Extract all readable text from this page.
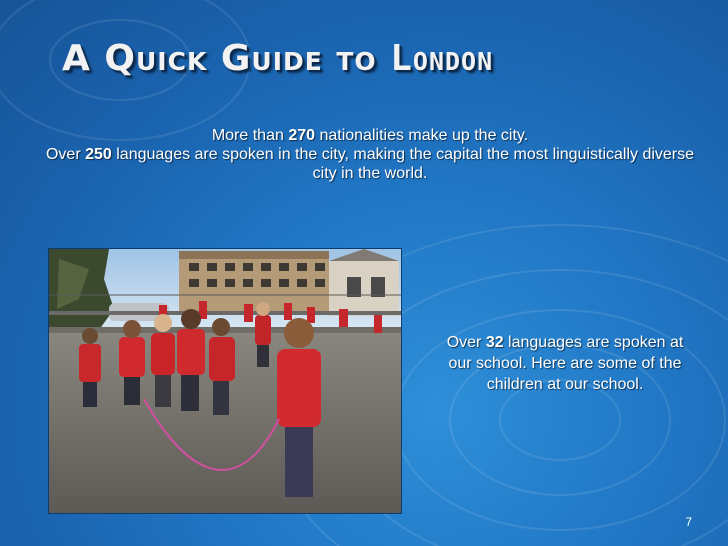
A Quick Guide to London

More than 270 nationalities make up the city.

Over 250 languages are spoken in the city, making the capital the most linguistically diverse city in the world.

Over 32 languages are spoken at our school. Here are some of the children at our school.

7
